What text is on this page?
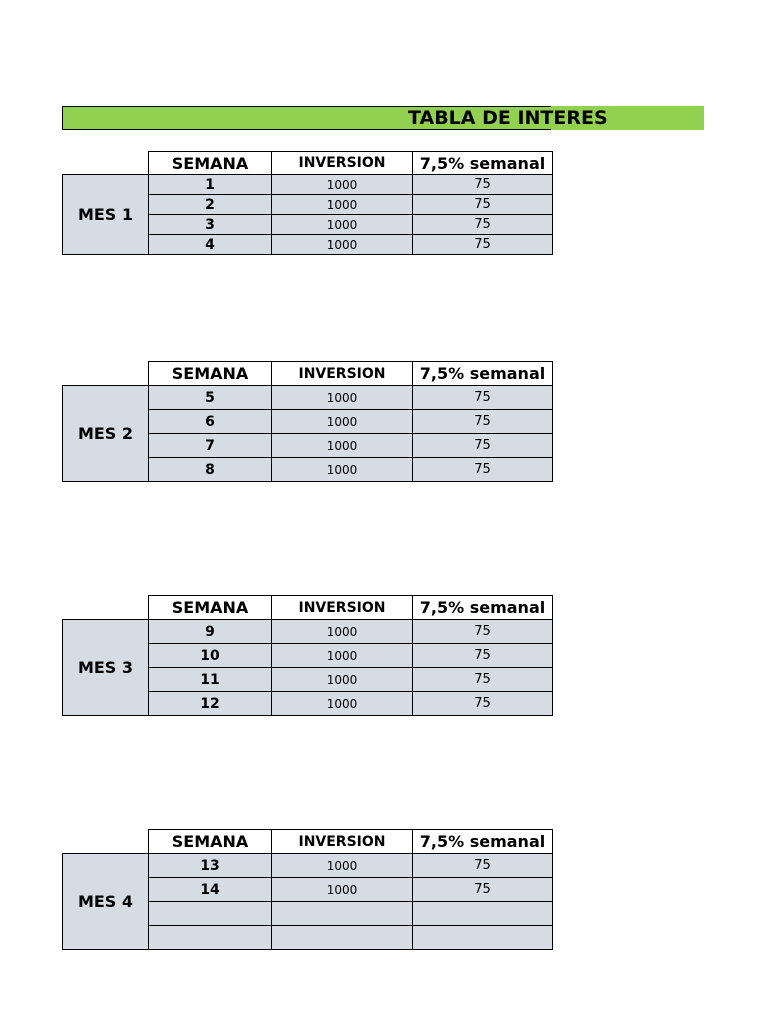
TABLA DE INTERES
	SEMANA	INVERSION	7,5% semanal
MES 1	1	1000	75
	2	1000	75
	3	1000	75
	4	1000	75
	SEMANA	INVERSION	7,5% semanal
MES 2	5	1000	75
	6	1000	75
	7	1000	75
	8	1000	75
	SEMANA	INVERSION	7,5% semanal
MES 3	9	1000	75
	10	1000	75
	11	1000	75
	12	1000	75
	SEMANA	INVERSION	7,5% semanal
MES 4	13	1000	75
	14	1000	75
